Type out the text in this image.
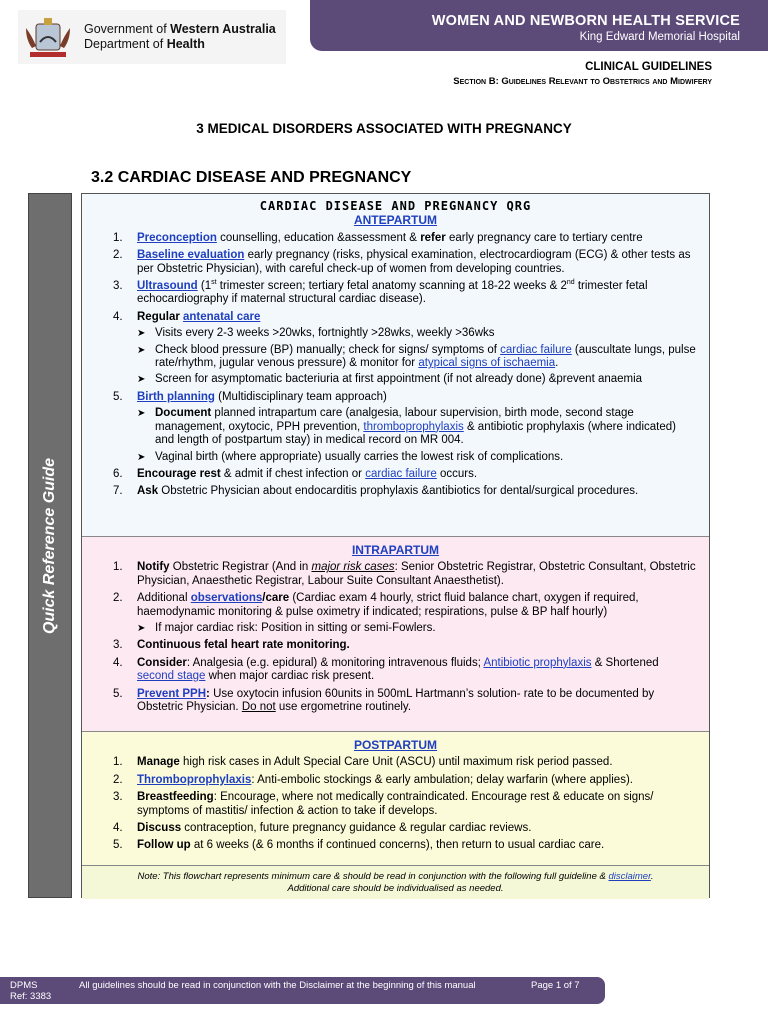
Government of Western Australia
Department of Health
WOMEN AND NEWBORN HEALTH SERVICE
King Edward Memorial Hospital
CLINICAL GUIDELINES
Section B: Guidelines Relevant to Obstetrics and Midwifery
3 MEDICAL DISORDERS ASSOCIATED WITH PREGNANCY
3.2 CARDIAC DISEASE AND PREGNANCY
Quick Reference Guide
CARDIAC DISEASE AND PREGNANCY QRG
ANTEPARTUM
1. Preconception counselling, education &assessment & refer early pregnancy care to tertiary centre
2. Baseline evaluation early pregnancy (risks, physical examination, electrocardiogram (ECG) & other tests as per Obstetric Physician), with careful check-up of women from developing countries.
3. Ultrasound (1st trimester screen; tertiary fetal anatomy scanning at 18-22 weeks & 2nd trimester fetal echocardiography if maternal structural cardiac disease).
4. Regular antenatal care
➤ Visits every 2-3 weeks >20wks, fortnightly >28wks, weekly >36wks
➤ Check blood pressure (BP) manually; check for signs/ symptoms of cardiac failure (auscultate lungs, pulse rate/rhythm, jugular venous pressure) & monitor for atypical signs of ischaemia.
➤ Screen for asymptomatic bacteriuria at first appointment (if not already done) &prevent anaemia
5. Birth planning (Multidisciplinary team approach)
➤ Document planned intrapartum care (analgesia, labour supervision, birth mode, second stage management, oxytocic, PPH prevention, thromboprophylaxis & antibiotic prophylaxis (where indicated) and length of postpartum stay) in medical record on MR 004.
➤ Vaginal birth (where appropriate) usually carries the lowest risk of complications.
6. Encourage rest & admit if chest infection or cardiac failure occurs.
7. Ask Obstetric Physician about endocarditis prophylaxis &antibiotics for dental/surgical procedures.
INTRAPARTUM
1. Notify Obstetric Registrar (And in major risk cases: Senior Obstetric Registrar, Obstetric Consultant, Obstetric Physician, Anaesthetic Registrar, Labour Suite Consultant Anaesthetist).
2. Additional observations/care (Cardiac exam 4 hourly, strict fluid balance chart, oxygen if required, haemodynamic monitoring & pulse oximetry if indicated; respirations, pulse & BP half hourly)
➤ If major cardiac risk: Position in sitting or semi-Fowlers.
3. Continuous fetal heart rate monitoring.
4. Consider: Analgesia (e.g. epidural) & monitoring intravenous fluids; Antibiotic prophylaxis & Shortened second stage when major cardiac risk present.
5. Prevent PPH: Use oxytocin infusion 60units in 500mL Hartmann’s solution- rate to be documented by Obstetric Physician. Do not use ergometrine routinely.
POSTPARTUM
1. Manage high risk cases in Adult Special Care Unit (ASCU) until maximum risk period passed.
2. Thromboprophylaxis: Anti-embolic stockings & early ambulation; delay warfarin (where applies).
3. Breastfeeding: Encourage, where not medically contraindicated. Encourage rest & educate on signs/ symptoms of mastitis/ infection & action to take if develops.
4. Discuss contraception, future pregnancy guidance & regular cardiac reviews.
5. Follow up at 6 weeks (& 6 months if continued concerns), then return to usual cardiac care.
Note: This flowchart represents minimum care & should be read in conjunction with the following full guideline & disclaimer.
Additional care should be individualised as needed.
DPMS
Ref: 3383
All guidelines should be read in conjunction with the Disclaimer at the beginning of this manual	Page 1 of 7
